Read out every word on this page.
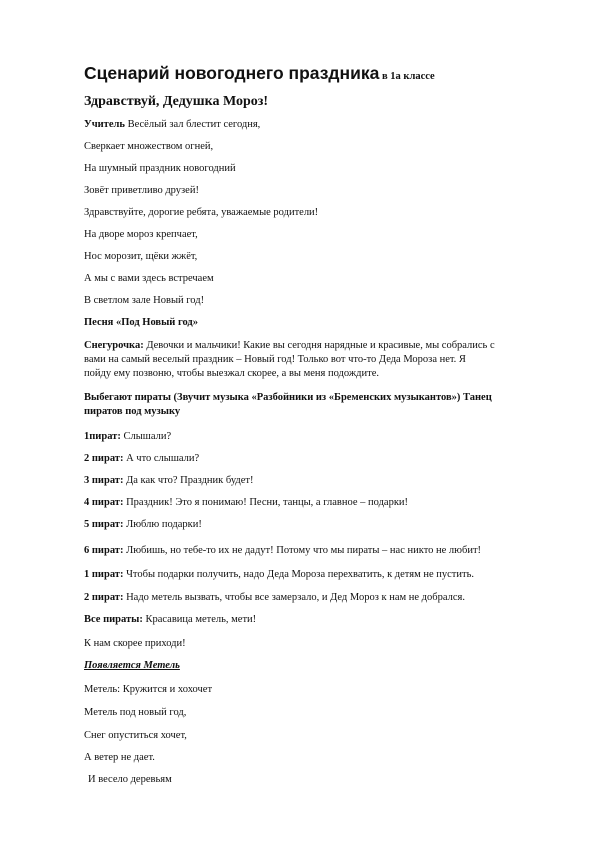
Сценарий новогоднего праздника в 1а классе
Здравствуй, Дедушка Мороз!
Учитель Весёлый зал блестит сегодня,
Сверкает множеством огней,
На шумный праздник новогодний
Зовёт приветливо друзей!
Здравствуйте, дорогие ребята, уважаемые родители!
На дворе мороз крепчает,
Нос морозит, щёки жжёт,
А мы с вами здесь встречаем
В светлом зале Новый год!
Песня «Под Новый год»
Снегурочка: Девочки и мальчики! Какие вы сегодня нарядные и красивые, мы собрались с
вами на самый веселый праздник – Новый год! Только вот что-то Деда Мороза нет. Я
пойду ему позвоню, чтобы выезжал скорее, а вы меня подождите.
Выбегают пираты (Звучит музыка «Разбойники из «Бременских музыкантов») Танец
пиратов под музыку
1пират: Слышали?
2 пират: А что слышали?
3 пират: Да как что? Праздник будет!
4 пират: Праздник! Это я понимаю! Песни, танцы, а главное – подарки!
5 пират: Люблю подарки!
6 пират: Любишь, но тебе-то их не дадут! Потому что мы пираты – нас никто не любит!
1 пират: Чтобы подарки получить, надо Деда Мороза перехватить, к детям не пустить.
2 пират: Надо метель вызвать, чтобы все замерзало, и Дед Мороз к нам не добрался.
Все пираты: Красавица метель, мети!
К нам скорее приходи!
Появляется Метель
Метель: Кружится и хохочет
Метель под новый год,
Снег опуститься хочет,
А ветер не дает.
И весело деревьям
